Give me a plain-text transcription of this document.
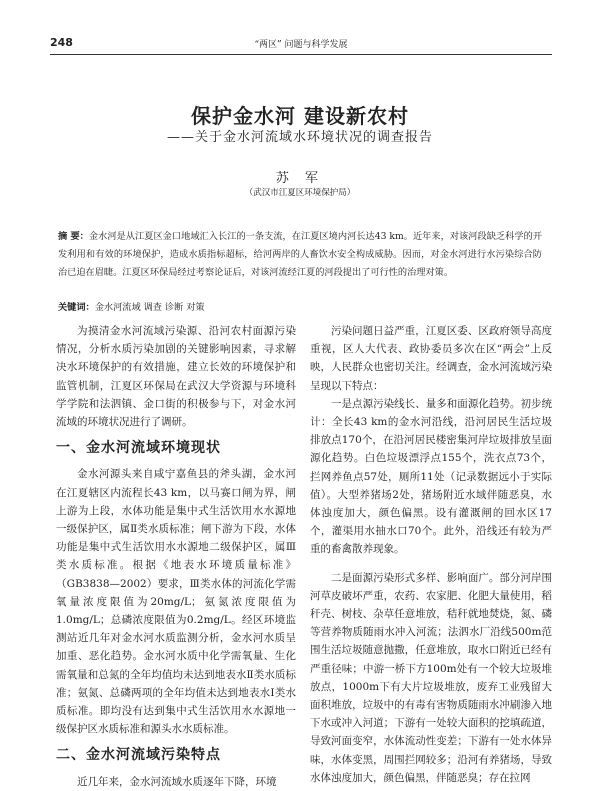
248	“两区” 问题与科学发展
保护金水河 建设新农村
——关于金水河流域水环境状况的调查报告
苏 军
（武汉市江夏区环境保护局）
摘 要：金水河是从江夏区金口地域汇入长江的一条支流，在江夏区境内河长达43 km。近年来，对该河段缺乏科学的开发利用和有效的环境保护，造成水质指标超标，给河两岸的人畜饮水安全构成威胁。因而，对金水河进行水污染综合防治已迫在眉睫。江夏区环保局经过考察论证后，对该河流经江夏的河段提出了可行性的治理对策。
关键词：金水河流域 调查 诊断 对策

为摸清金水河流域污染源、沿河农村面源污染情况，分析水质污染加剧的关键影响因素，寻求解决水环境保护的有效措施，建立长效的环境保护和监管机制，江夏区环保局在武汉大学资源与环境科学学院和法泗镇、金口街的积极参与下，对金水河流域的环境状况进行了调研。

一、金水河流域环境现状

金水河源头来自咸宁嘉鱼县的斧头湖，金水河在江夏辖区内流程长43 km，以马赛口闸为界，闸上游为上段，水体功能是集中式生活饮用水水源地一级保护区，属Ⅱ类水质标准；闸下游为下段，水体功能是集中式生活饮用水水源地二级保护区，属Ⅲ类水质标准。根据《地表水环境质量标准》（GB3838—2002）要求，Ⅲ类水体的河流化学需氧量浓度限值为20mg/L；氨氮浓度限值为1.0mg/L；总磷浓度限值为0.2mg/L。经区环境监测站近几年对金水河水质监测分析，金水河水质呈加重、恶化趋势。金水河水质中化学需氧量、生化需氧量和总氮的全年均值均未达到地表水Ⅱ类水质标准；氨氮、总磷两项的全年均值未达到地表水Ⅰ类水质标准。即均没有达到集中式生活饮用水水源地一级保护区水质标准和源头水水质标准。

二、金水河流域污染特点

近几年来，金水河流域水质逐年下降，环境

污染问题日益严重，江夏区委、区政府领导高度重视，区人大代表、政协委员多次在区“两会”上反映，人民群众也密切关注。经调查，金水河流域污染呈现以下特点：

一是点源污染线长、量多和面源化趋势。初步统计：全长43 km的金水河沿线，沿河居民生活垃圾排放点170个，在沿河居民楼密集河岸垃圾排放呈面源化趋势。白色垃圾漂浮点155个，洗衣点73个，拦网养鱼点57处，厕所11处（记录数据远小于实际值）。大型养猪场2处，猪场附近水域伴随恶臭，水体浊度加大，颜色偏黑。设有灌溉闸的回水区17个，灌渠用水抽水口70个。此外，沿线还有较为严重的畜禽散养现象。

二是面源污染形式多样、影响面广。部分河岸围河草皮破坏严重，农药、农家肥、化肥大量使用，稻秆壳、树枝、杂草任意堆放，秸秆就地焚烧，氮、磷等营养物质随雨水冲入河流；法泗水厂沿线500m范围生活垃圾随意抛撒，任意堆放，取水口附近已经有严重径味；中游一桥下方100m处有一个较大垃圾堆放点，1000m下有大片垃圾堆放，废弃工业残留大面积堆放，垃圾中的有毒有害物质随雨水冲刷渗入地下水或冲入河道；下游有一处较大面积的挖填疏道，导致河面变窄，水体流动性变差；下游有一处水体异味，水体变黑，周围拦网较多；沿河有养猪场，导致水体浊度加大，颜色偏黑，伴随恶臭；存在拉网
